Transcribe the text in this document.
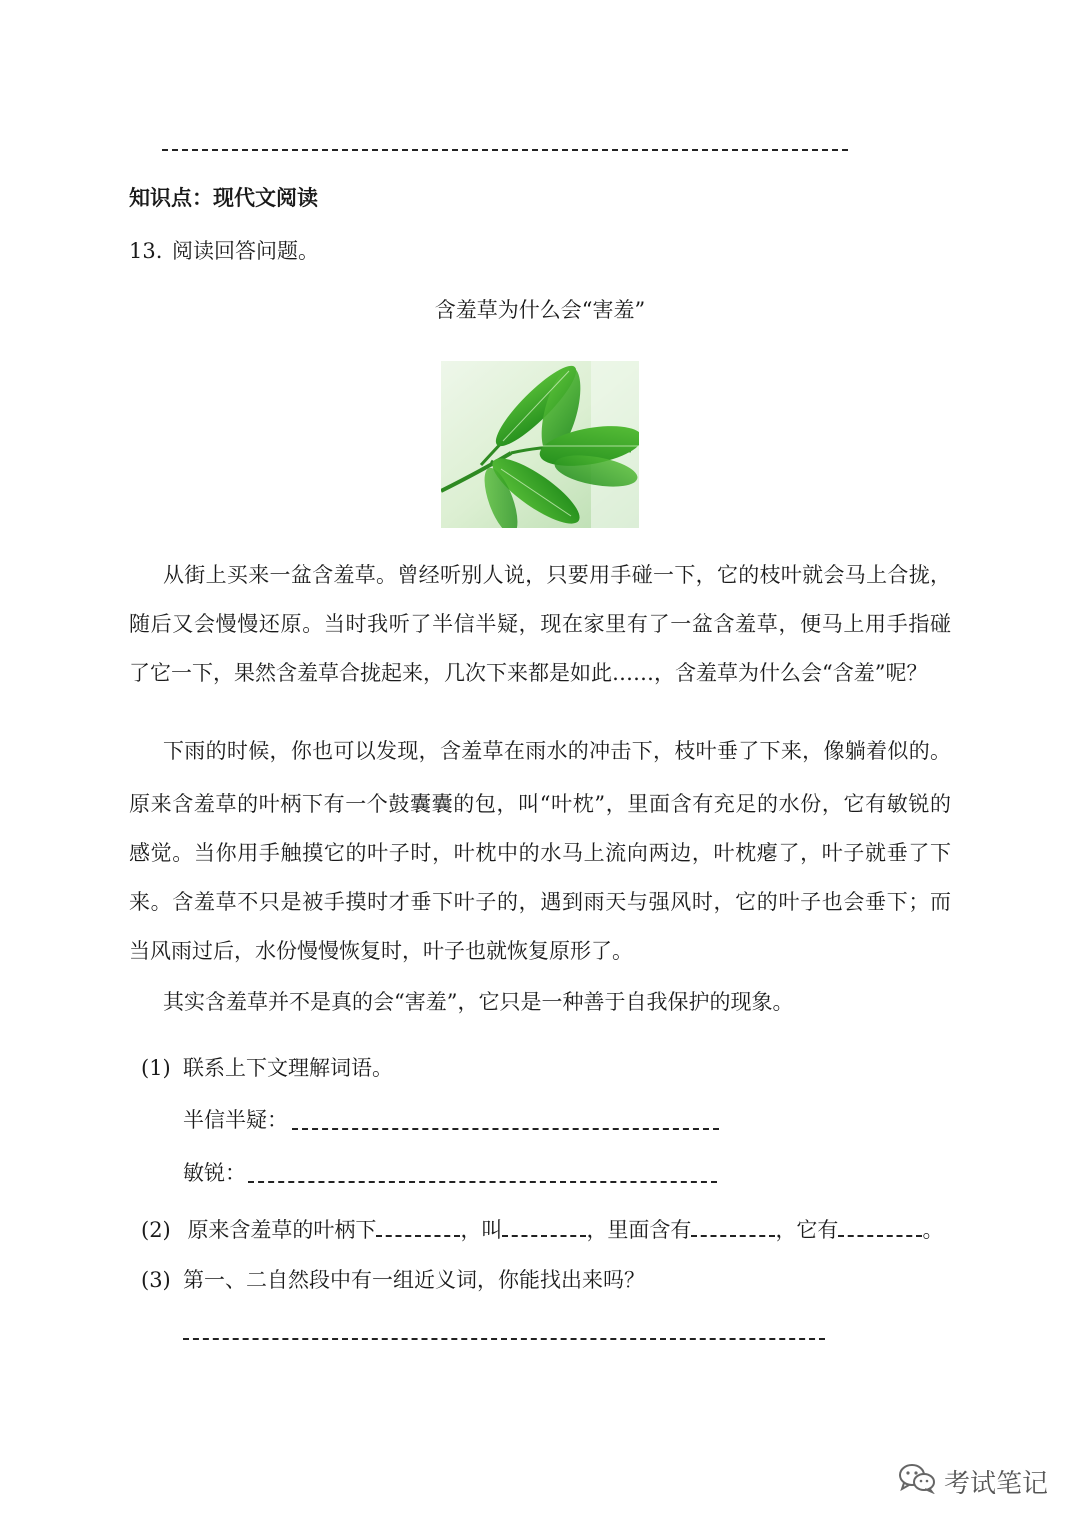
知识点：现代文阅读
13. 阅读回答问题。
含羞草为什么会“害羞”
从街上买来一盆含羞草。曾经听别人说，只要用手碰一下，它的枝叶就会马上合拢，
随后又会慢慢还原。当时我听了半信半疑，现在家里有了一盆含羞草，便马上用手指碰
了它一下，果然含羞草合拢起来，几次下来都是如此……，含羞草为什么会“含羞”呢？
下雨的时候，你也可以发现，含羞草在雨水的冲击下，枝叶垂了下来，像躺着似的。
原来含羞草的叶柄下有一个鼓囊囊的包，叫“叶枕”，里面含有充足的水份，它有敏锐的
感觉。当你用手触摸它的叶子时，叶枕中的水马上流向两边，叶枕瘪了，叶子就垂了下
来。含羞草不只是被手摸时才垂下叶子的，遇到雨天与强风时，它的叶子也会垂下；而
当风雨过后，水份慢慢恢复时，叶子也就恢复原形了。
其实含羞草并不是真的会“害羞”，它只是一种善于自我保护的现象。
(1) 联系上下文理解词语。
半信半疑：
敏锐：
(2) 原来含羞草的叶柄下	，叫	，里面含有	，它有	。
(3) 第一、二自然段中有一组近义词，你能找出来吗？
考试笔记
